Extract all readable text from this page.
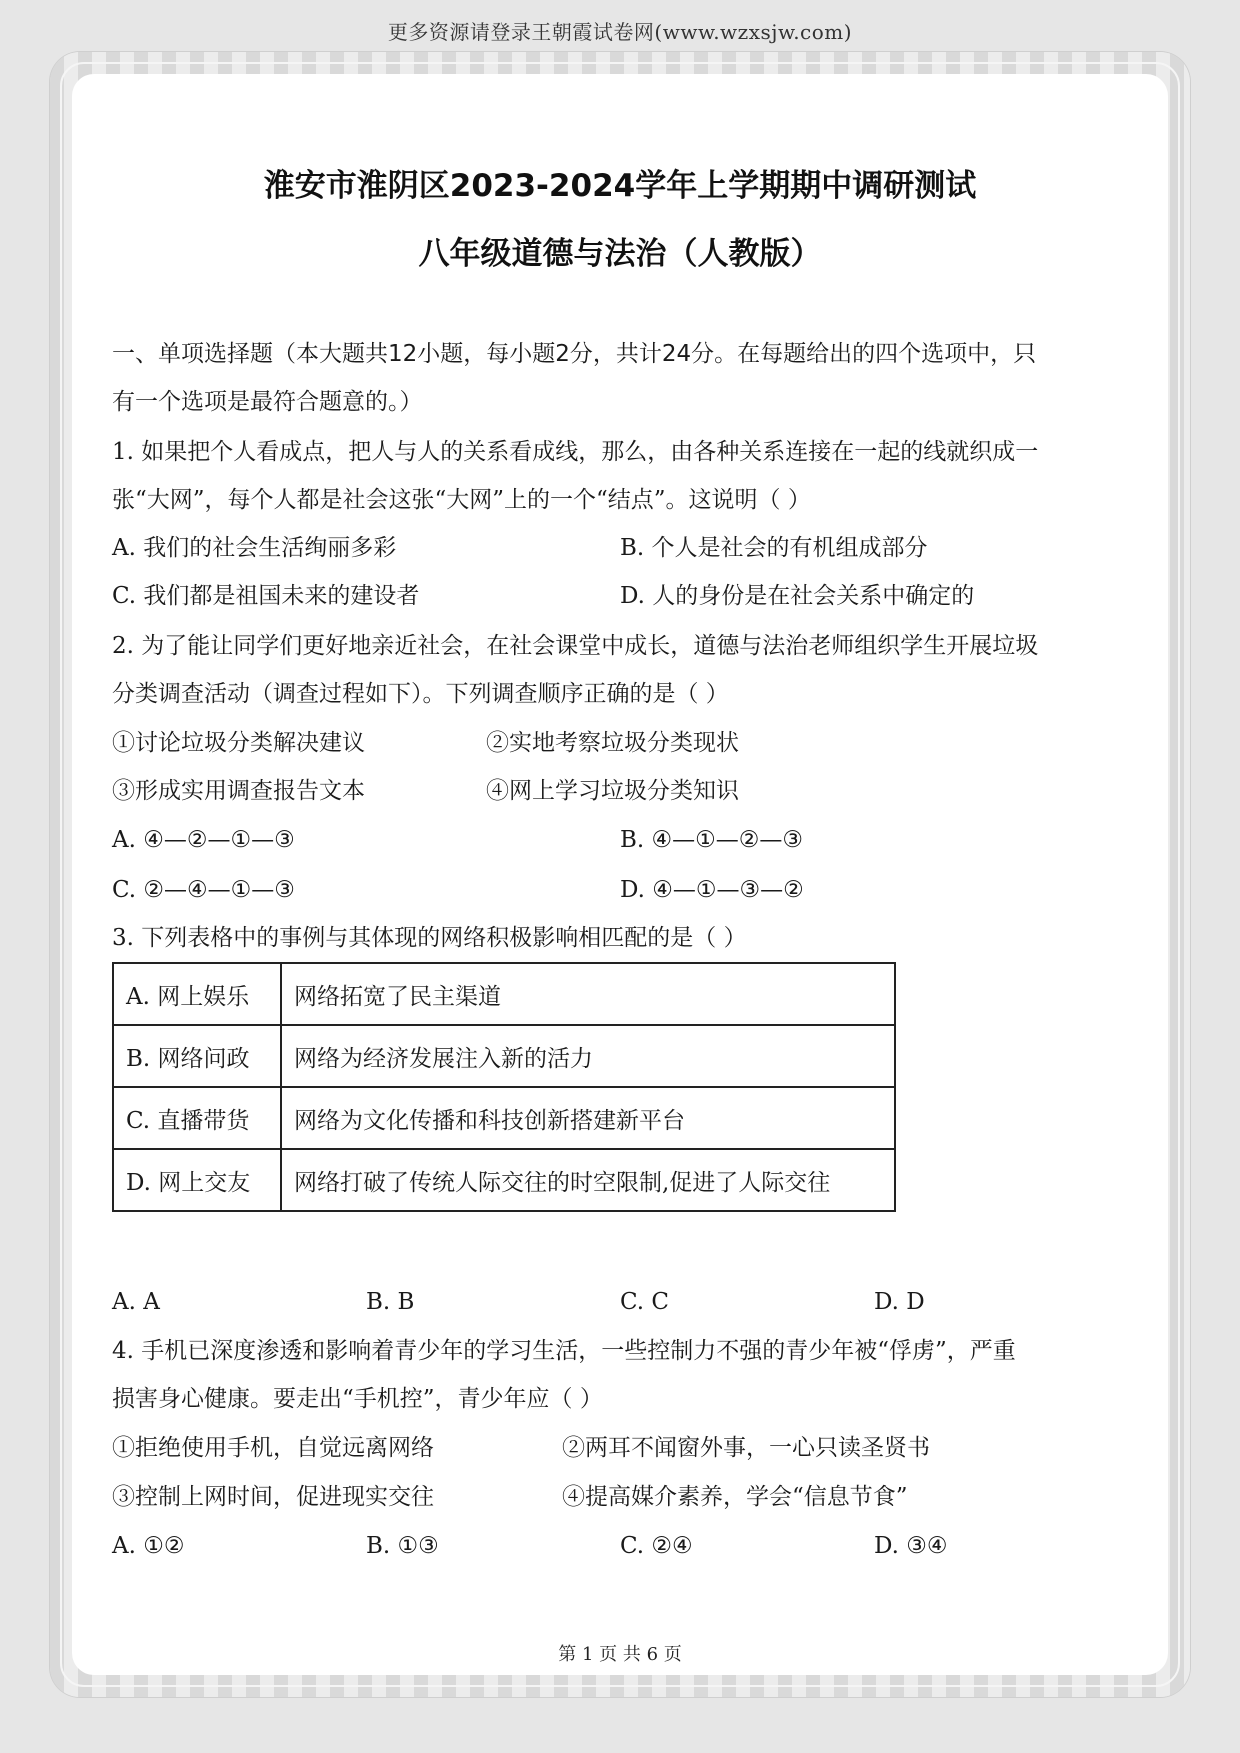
更多资源请登录王朝霞试卷网(www.wzxsjw.com)
淮安市淮阴区2023-2024学年上学期期中调研测试
八年级道德与法治（人教版）
一、单项选择题（本大题共12小题，每小题2分，共计24分。在每题给出的四个选项中，只
有一个选项是最符合题意的。）
1. 如果把个人看成点，把人与人的关系看成线，那么，由各种关系连接在一起的线就织成一
张“大网”，每个人都是社会这张“大网”上的一个“结点”。这说明（ ）
A. 我们的社会生活绚丽多彩	B. 个人是社会的有机组成部分
C. 我们都是祖国未来的建设者	D. 人的身份是在社会关系中确定的
2. 为了能让同学们更好地亲近社会，在社会课堂中成长，道德与法治老师组织学生开展垃圾
分类调查活动（调查过程如下）。下列调查顺序正确的是（ ）
①讨论垃圾分类解决建议	②实地考察垃圾分类现状
③形成实用调查报告文本	④网上学习垃圾分类知识
A. ④—②—①—③	B. ④—①—②—③
C. ②—④—①—③	D. ④—①—③—②
3. 下列表格中的事例与其体现的网络积极影响相匹配的是（ ）
A. 网上娱乐	网络拓宽了民主渠道
B. 网络问政	网络为经济发展注入新的活力
C. 直播带货	网络为文化传播和科技创新搭建新平台
D. 网上交友	网络打破了传统人际交往的时空限制,促进了人际交往
A. A	B. B	C. C	D. D
4. 手机已深度渗透和影响着青少年的学习生活，一些控制力不强的青少年被“俘虏”，严重
损害身心健康。要走出“手机控”，青少年应（ ）
①拒绝使用手机，自觉远离网络	②两耳不闻窗外事，一心只读圣贤书
③控制上网时间，促进现实交往	④提高媒介素养，学会“信息节食”
A. ①②	B. ①③	C. ②④	D. ③④
第 1 页 共 6 页
